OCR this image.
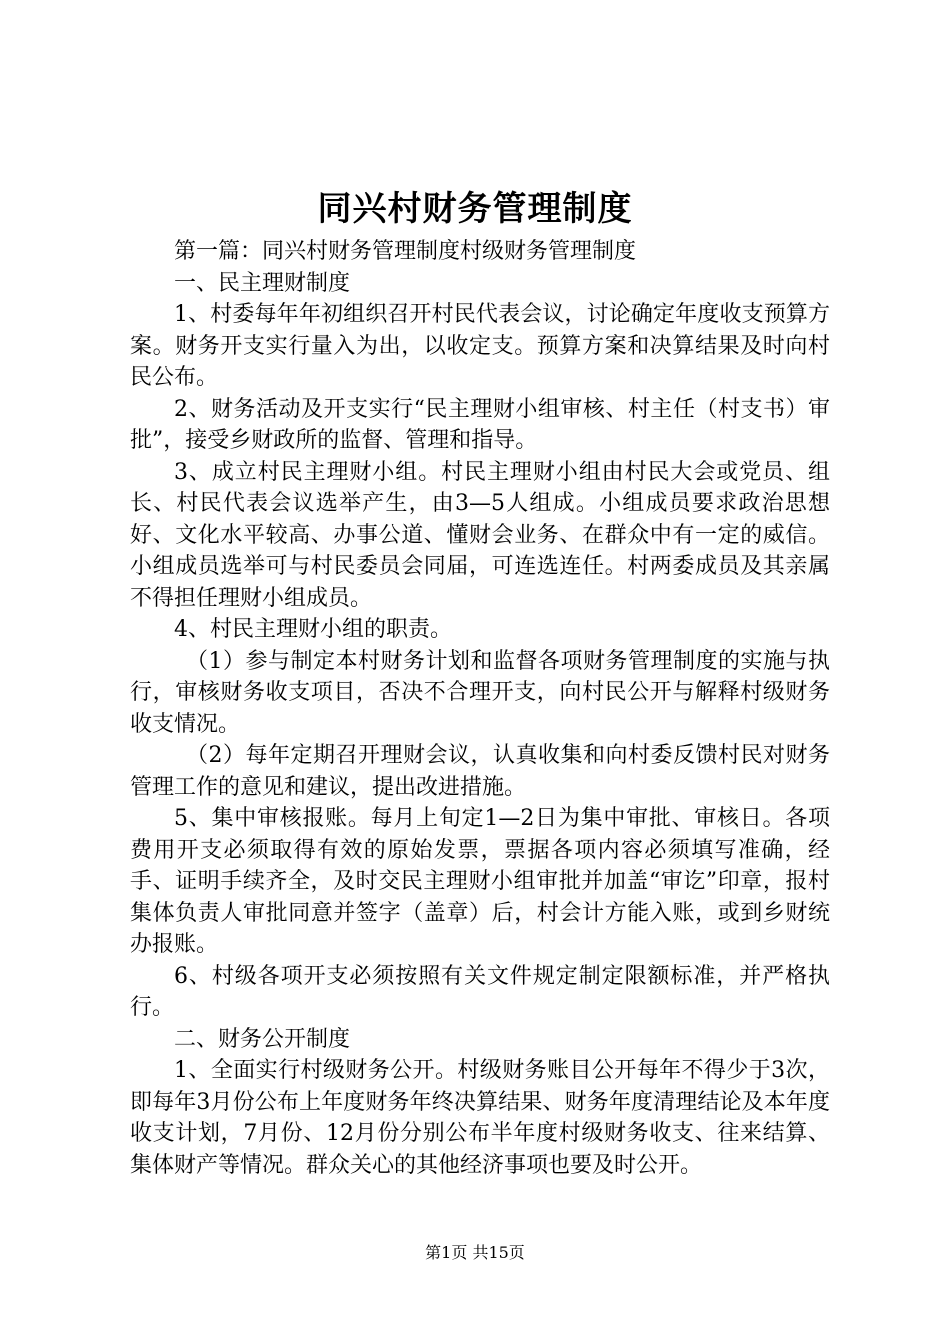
同兴村财务管理制度

第一篇：同兴村财务管理制度村级财务管理制度

一、民主理财制度

1、村委每年年初组织召开村民代表会议，讨论确定年度收支预算方案。财务开支实行量入为出，以收定支。预算方案和决算结果及时向村民公布。

2、财务活动及开支实行“民主理财小组审核、村主任（村支书）审批”，接受乡财政所的监督、管理和指导。

3、成立村民主理财小组。村民主理财小组由村民大会或党员、组长、村民代表会议选举产生，由3—5人组成。小组成员要求政治思想好、文化水平较高、办事公道、懂财会业务、在群众中有一定的威信。小组成员选举可与村民委员会同届，可连选连任。村两委成员及其亲属不得担任理财小组成员。

4、村民主理财小组的职责。

（1）参与制定本村财务计划和监督各项财务管理制度的实施与执行，审核财务收支项目，否决不合理开支，向村民公开与解释村级财务收支情况。

（2）每年定期召开理财会议，认真收集和向村委反馈村民对财务管理工作的意见和建议，提出改进措施。

5、集中审核报账。每月上旬定1—2日为集中审批、审核日。各项费用开支必须取得有效的原始发票，票据各项内容必须填写准确，经手、证明手续齐全，及时交民主理财小组审批并加盖“审讫”印章，报村集体负责人审批同意并签字（盖章）后，村会计方能入账，或到乡财统办报账。

6、村级各项开支必须按照有关文件规定制定限额标准，并严格执行。

二、财务公开制度

1、全面实行村级财务公开。村级财务账目公开每年不得少于3次，即每年3月份公布上年度财务年终决算结果、财务年度清理结论及本年度收支计划，7月份、12月份分别公布半年度村级财务收支、往来结算、集体财产等情况。群众关心的其他经济事项也要及时公开。

第1页 共15页
